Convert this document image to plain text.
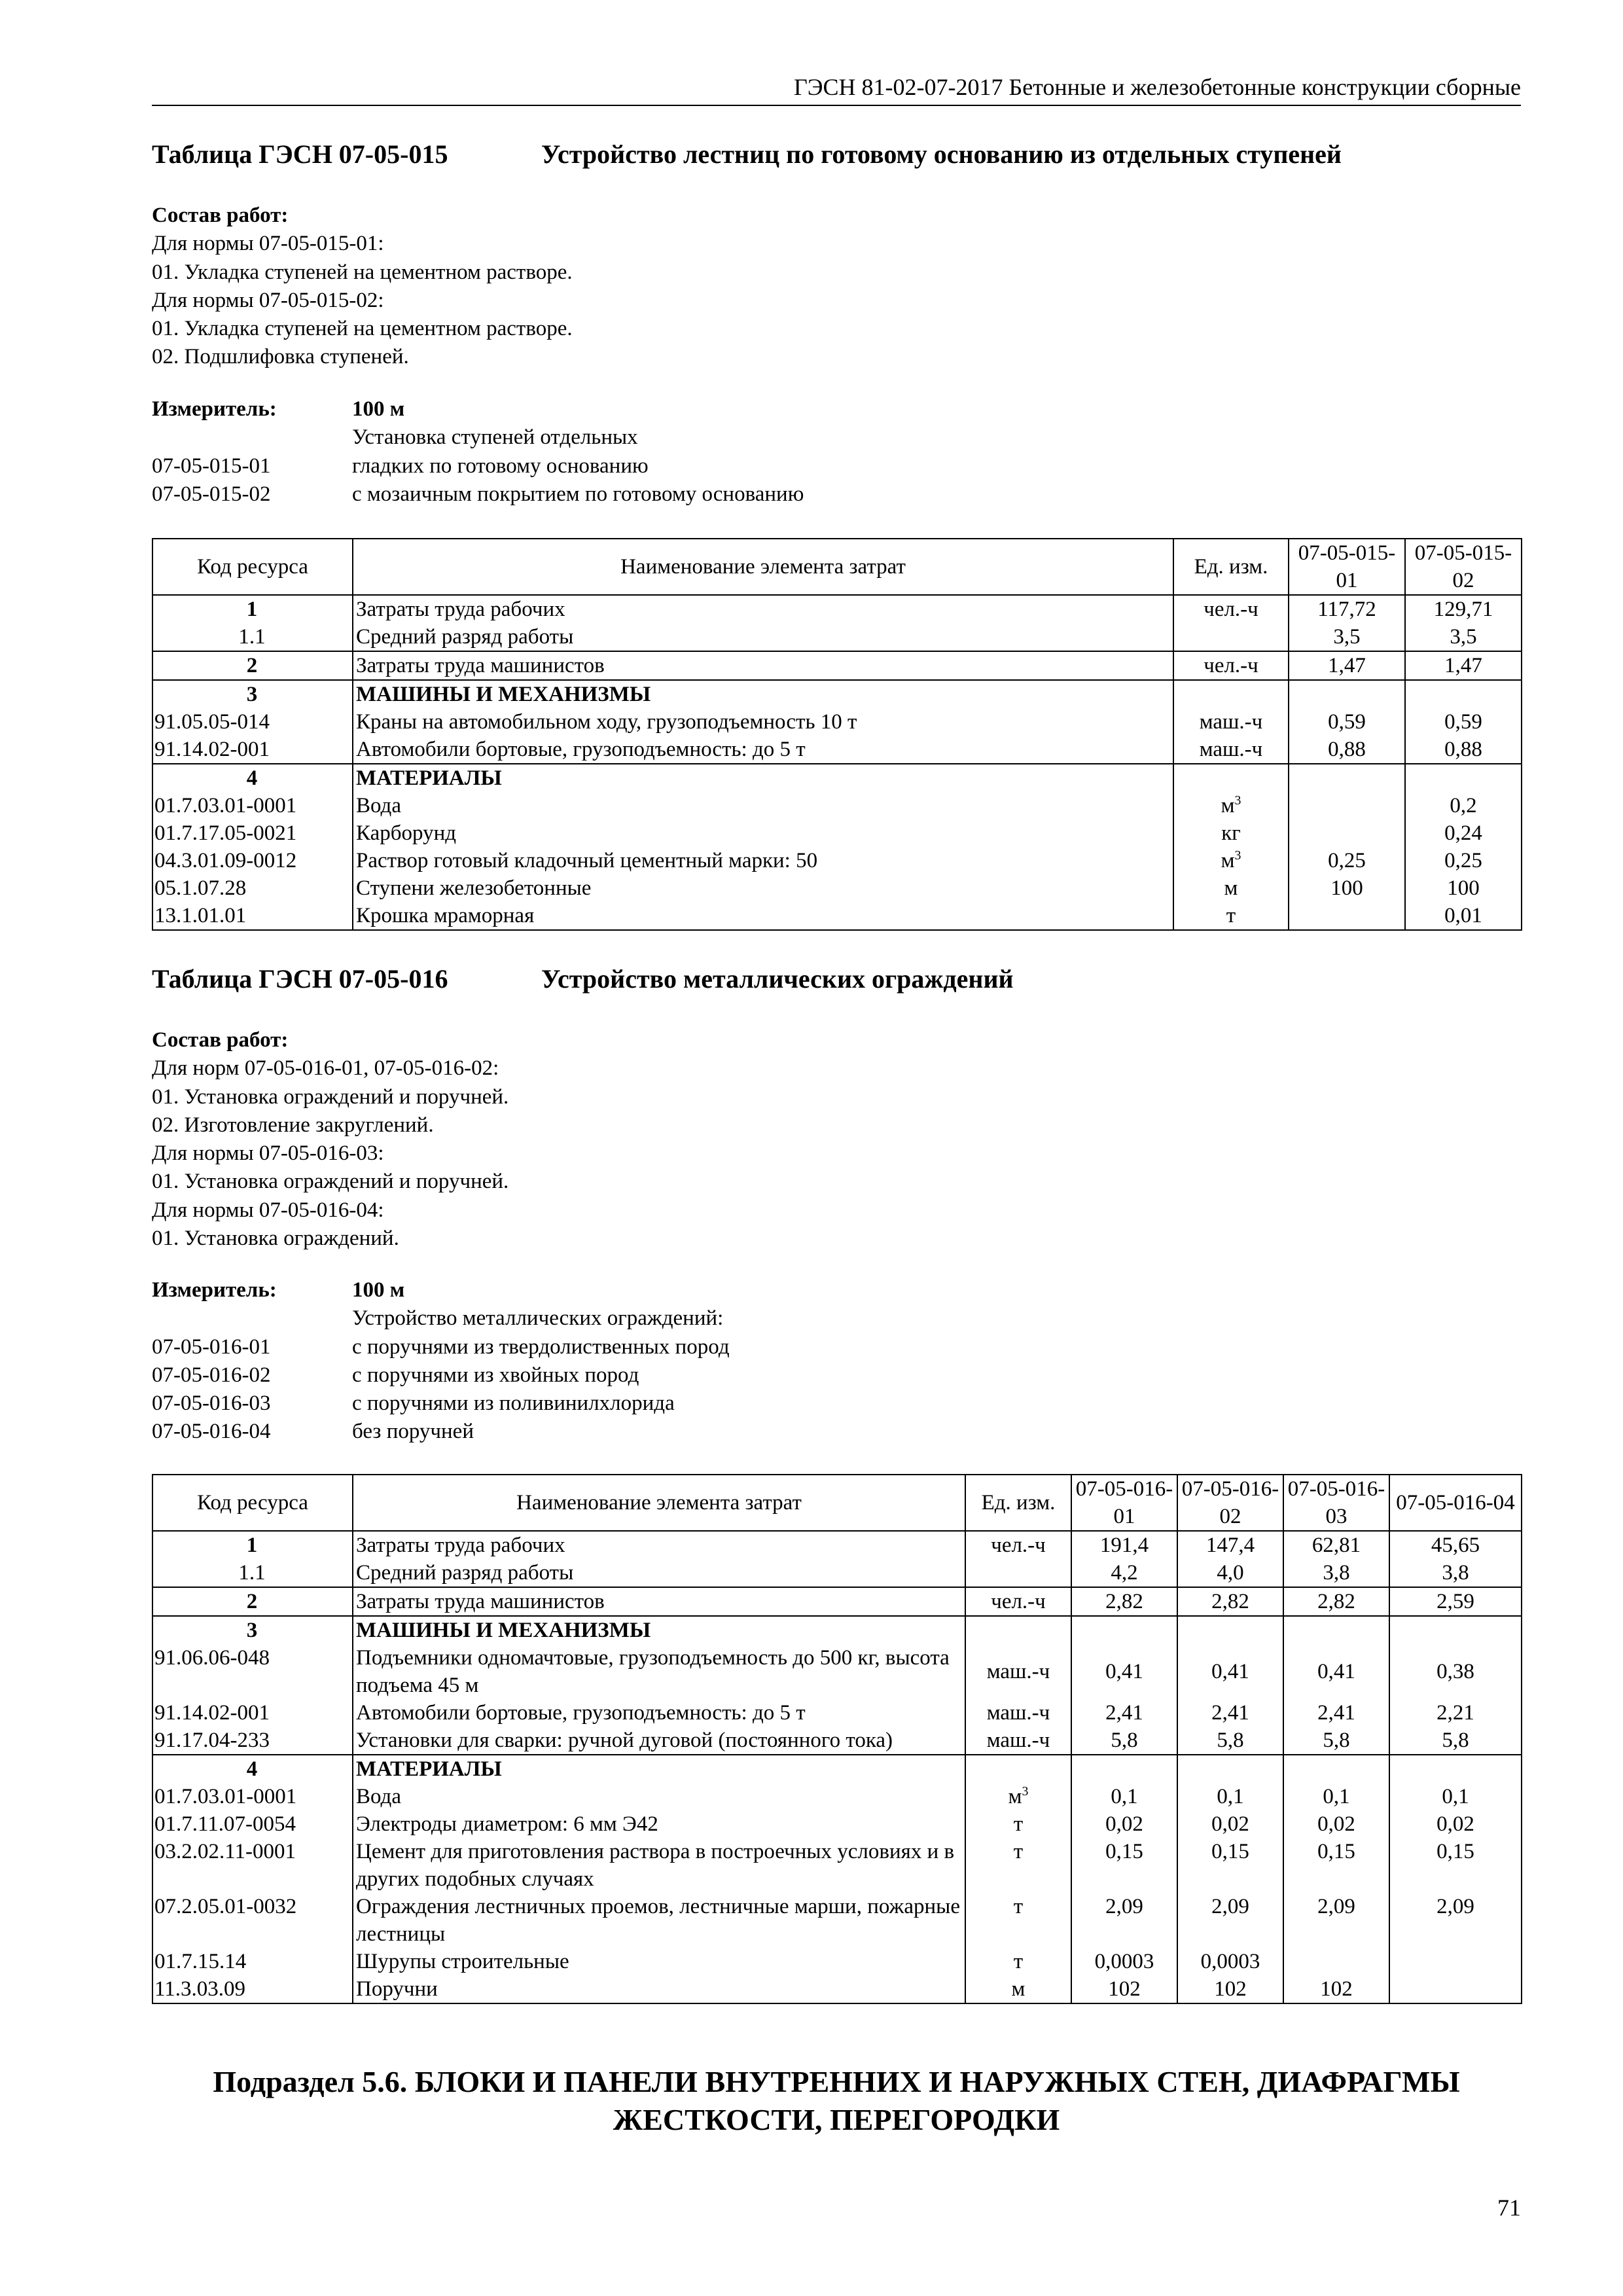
ГЭСН 81-02-07-2017 Бетонные и железобетонные конструкции сборные
Таблица ГЭСН 07-05-015	Устройство лестниц по готовому основанию из отдельных ступеней
Состав работ:
Для нормы 07-05-015-01:
01. Укладка ступеней на цементном растворе.
Для нормы 07-05-015-02:
01. Укладка ступеней на цементном растворе.
02. Подшлифовка ступеней.
Измеритель:	100 м
Установка ступеней отдельных
07-05-015-01	гладких по готовому основанию
07-05-015-02	с мозаичным покрытием по готовому основанию
Код ресурса	Наименование элемента затрат	Ед. изм.	07-05-015-01	07-05-015-02
1	Затраты труда рабочих	чел.-ч	117,72	129,71
1.1	Средний разряд работы		3,5	3,5
2	Затраты труда машинистов	чел.-ч	1,47	1,47
3	МАШИНЫ И МЕХАНИЗМЫ			
91.05.05-014	Краны на автомобильном ходу, грузоподъемность 10 т	маш.-ч	0,59	0,59
91.14.02-001	Автомобили бортовые, грузоподъемность: до 5 т	маш.-ч	0,88	0,88
4	МАТЕРИАЛЫ			
01.7.03.01-0001	Вода	$м^3$		0,2
01.7.17.05-0021	Карборунд	кг		0,24
04.3.01.09-0012	Раствор готовый кладочный цементный марки: 50	$м^3$	0,25	0,25
05.1.07.28	Ступени железобетонные	м	100	100
13.1.01.01	Крошка мраморная	т		0,01
Таблица ГЭСН 07-05-016	Устройство металлических ограждений
Состав работ:
Для норм 07-05-016-01, 07-05-016-02:
01. Установка ограждений и поручней.
02. Изготовление закруглений.
Для нормы 07-05-016-03:
01. Установка ограждений и поручней.
Для нормы 07-05-016-04:
01. Установка ограждений.
Измеритель:	100 м
Устройство металлических ограждений:
07-05-016-01	с поручнями из твердолиственных пород
07-05-016-02	с поручнями из хвойных пород
07-05-016-03	с поручнями из поливинилхлорида
07-05-016-04	без поручней
Код ресурса	Наименование элемента затрат	Ед. изм.	07-05-016-01	07-05-016-02	07-05-016-03	07-05-016-04
1	Затраты труда рабочих	чел.-ч	191,4	147,4	62,81	45,65
1.1	Средний разряд работы		4,2	4,0	3,8	3,8
2	Затраты труда машинистов	чел.-ч	2,82	2,82	2,82	2,59
3	МАШИНЫ И МЕХАНИЗМЫ					
91.06.06-048	Подъемники одномачтовые, грузоподъемность до 500 кг, высота подъема 45 м	маш.-ч	0,41	0,41	0,41	0,38
91.14.02-001	Автомобили бортовые, грузоподъемность: до 5 т	маш.-ч	2,41	2,41	2,41	2,21
91.17.04-233	Установки для сварки: ручной дуговой (постоянного тока)	маш.-ч	5,8	5,8	5,8	5,8
4	МАТЕРИАЛЫ					
01.7.03.01-0001	Вода	$м^3$	0,1	0,1	0,1	0,1
01.7.11.07-0054	Электроды диаметром: 6 мм Э42	т	0,02	0,02	0,02	0,02
03.2.02.11-0001	Цемент для приготовления раствора в построечных условиях и в других подобных случаях	т	0,15	0,15	0,15	0,15
07.2.05.01-0032	Ограждения лестничных проемов, лестничные марши, пожарные лестницы	т	2,09	2,09	2,09	2,09
01.7.15.14	Шурупы строительные	т	0,0003	0,0003		
11.3.03.09	Поручни	м	102	102	102	
Подраздел 5.6. БЛОКИ И ПАНЕЛИ ВНУТРЕННИХ И НАРУЖНЫХ СТЕН, ДИАФРАГМЫ
ЖЕСТКОСТИ, ПЕРЕГОРОДКИ
71
